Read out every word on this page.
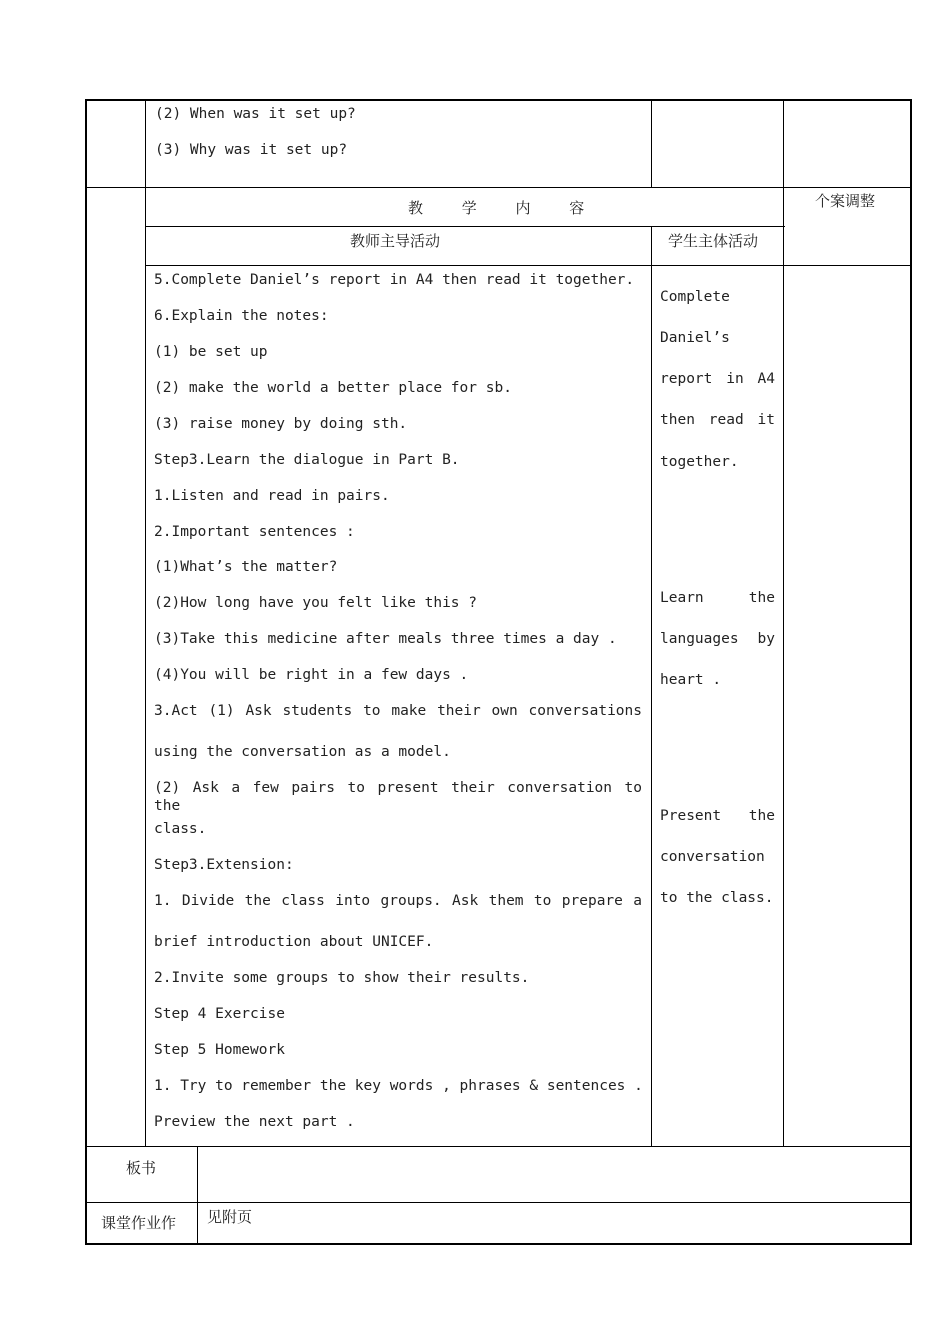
(2) When was it set up?
(3) Why was it set up?
教 学 内 容	个案调整
教师主导活动	学生主体活动
5.Complete Daniel’s report in A4 then read it together.
6.Explain the notes:
(1) be set up
(2) make the world a better place for sb.
(3) raise money by doing sth.
Step3.Learn the dialogue in Part B.
1.Listen and read in pairs.
2.Important sentences :
(1)What’s the matter?
(2)How long have you felt like this ?
(3)Take this medicine after meals three times a day .
(4)You will be right in a few days .
3.Act (1) Ask students to make their own conversations
using the conversation as a model.
(2) Ask a few pairs to present their conversation to the
class.
Step3.Extension:
1. Divide the class into groups. Ask them to prepare a
brief introduction about UNICEF.
2.Invite some groups to show their results.
Step 4 Exercise
Step 5 Homework
1. Try to remember the key words , phrases & sentences .
Preview the next part .
Complete
Daniel’s
report in A4
then read it
together.
Learn the
languages by
heart .
Present the
conversation
to the class.
板书
课堂作业作 见附页
